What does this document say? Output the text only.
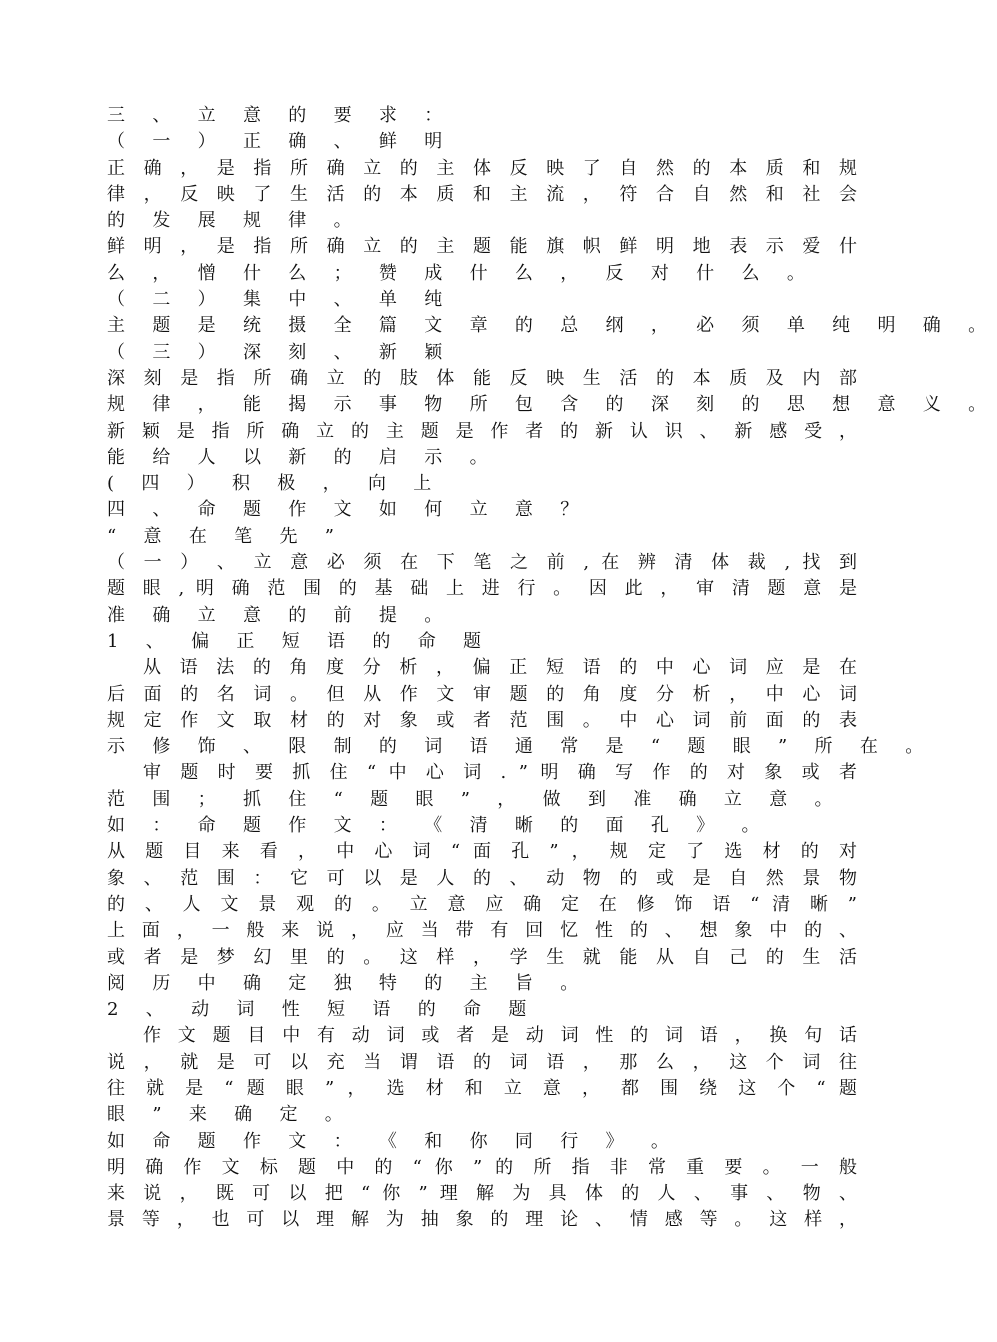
三 、 立 意 的 要 求 ：
（ 一 ） 正 确 、 鲜 明
正 确 ， 是 指 所 确 立 的 主 体 反 映 了 自 然 的 本 质 和 规
律 ， 反 映 了 生 活 的 本 质 和 主 流 ， 符 合 自 然 和 社 会
的 发 展 规 律 。
鲜 明 ， 是 指 所 确 立 的 主 题 能 旗 帜 鲜 明 地 表 示 爱 什
么 ， 憎 什 么 ； 赞 成 什 么 ， 反 对 什 么 。
（ 二 ） 集 中 、 单 纯
主 题 是 统 摄 全 篇 文 章 的 总 纲 ， 必 须 单 纯 明 确 。
（ 三 ） 深 刻 、 新 颖
深 刻 是 指 所 确 立 的 肢 体 能 反 映 生 活 的 本 质 及 内 部
规 律 ， 能 揭 示 事 物 所 包 含 的 深 刻 的 思 想 意 义 。
新 颖 是 指 所 确 立 的 主 题 是 作 者 的 新 认 识 、 新 感 受 ，
能 给 人 以 新 的 启 示 。
( 四 ） 积 极 ， 向 上
四 、 命 题 作 文 如 何 立 意 ？
“ 意 在 笔 先 ”
（ 一 ） 、 立 意 必 须 在 下 笔 之 前 , 在 辨 清 体 裁 , 找 到
题 眼 , 明 确 范 围 的 基 础 上 进 行 。 因 此 ， 审 清 题 意 是
准 确 立 意 的 前 提 。
1 、 偏 正 短 语 的 命 题
从 语 法 的 角 度 分 析 ， 偏 正 短 语 的 中 心 词 应 是 在
后 面 的 名 词 。 但 从 作 文 审 题 的 角 度 分 析 ， 中 心 词
规 定 作 文 取 材 的 对 象 或 者 范 围 。 中 心 词 前 面 的 表
示 修 饰 、 限 制 的 词 语 通 常 是 “ 题 眼 ” 所 在 。
审 题 时 要 抓 住 “ 中 心 词 . ” 明 确 写 作 的 对 象 或 者
范 围 ； 抓 住 “ 题 眼 ” ， 做 到 准 确 立 意 。
如 ： 命 题 作 文 ： 《 清 晰 的 面 孔 》 。
从 题 目 来 看 ， 中 心 词 “ 面 孔 ” ， 规 定 了 选 材 的 对
象 、 范 围 ： 它 可 以 是 人 的 、 动 物 的 或 是 自 然 景 物
的 、 人 文 景 观 的 。 立 意 应 确 定 在 修 饰 语 “ 清 晰 ”
上 面 ， 一 般 来 说 ， 应 当 带 有 回 忆 性 的 、 想 象 中 的 、
或 者 是 梦 幻 里 的 。 这 样 ， 学 生 就 能 从 自 己 的 生 活
阅 历 中 确 定 独 特 的 主 旨 。
2 、 动 词 性 短 语 的 命 题
作 文 题 目 中 有 动 词 或 者 是 动 词 性 的 词 语 ， 换 句 话
说 ， 就 是 可 以 充 当 谓 语 的 词 语 ， 那 么 ， 这 个 词 往
往 就 是 “ 题 眼 ” ， 选 材 和 立 意 ， 都 围 绕 这 个 “ 题
眼 ” 来 确 定 。
如 命 题 作 文 ： 《 和 你 同 行 》 。
明 确 作 文 标 题 中 的 “ 你 ” 的 所 指 非 常 重 要 。 一 般
来 说 ， 既 可 以 把 “ 你 ” 理 解 为 具 体 的 人 、 事 、 物 、
景 等 ， 也 可 以 理 解 为 抽 象 的 理 论 、 情 感 等 。 这 样 ，
